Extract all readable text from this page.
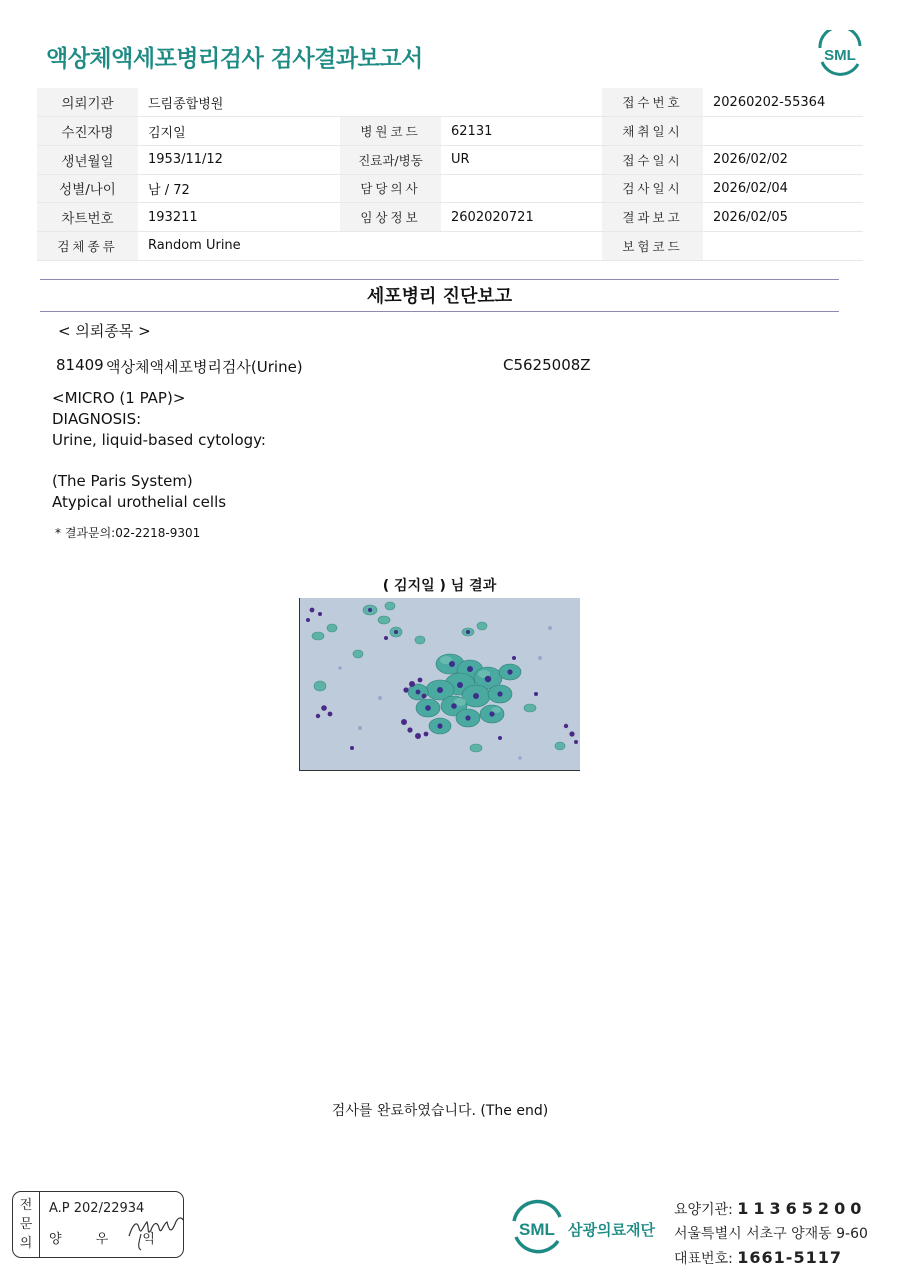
액상체액세포병리검사 검사결과보고서	SML
의뢰기관	드림종합병원			접수번호	20260202-55364
수진자명	김지일	병원코드	62131	채취일시	
생년월일	1953/11/12	진료과/병동	UR	접수일시	2026/02/02
성별/나이	남 / 72	담당의사		검사일시	2026/02/04
차트번호	193211	임상정보	2602020721	결과보고	2026/02/05
검체종류	Random Urine			보험코드	
세포병리 진단보고
< 의뢰종목 >
81409 액상체액세포병리검사(Urine)	C5625008Z
<MICRO (1 PAP)>
DIAGNOSIS:
Urine, liquid-based cytology:
(The Paris System)
Atypical urothelial cells
* 결과문의:02-2218-9301
( 김지일 ) 님 결과
검사를 완료하였습니다. (The end)
전
문
의
A.P 202/22934
양 우 익
SML 삼광의료재단
요양기관: 11365200
서울특별시 서초구 양재동 9-60
대표번호: 1661-5117
